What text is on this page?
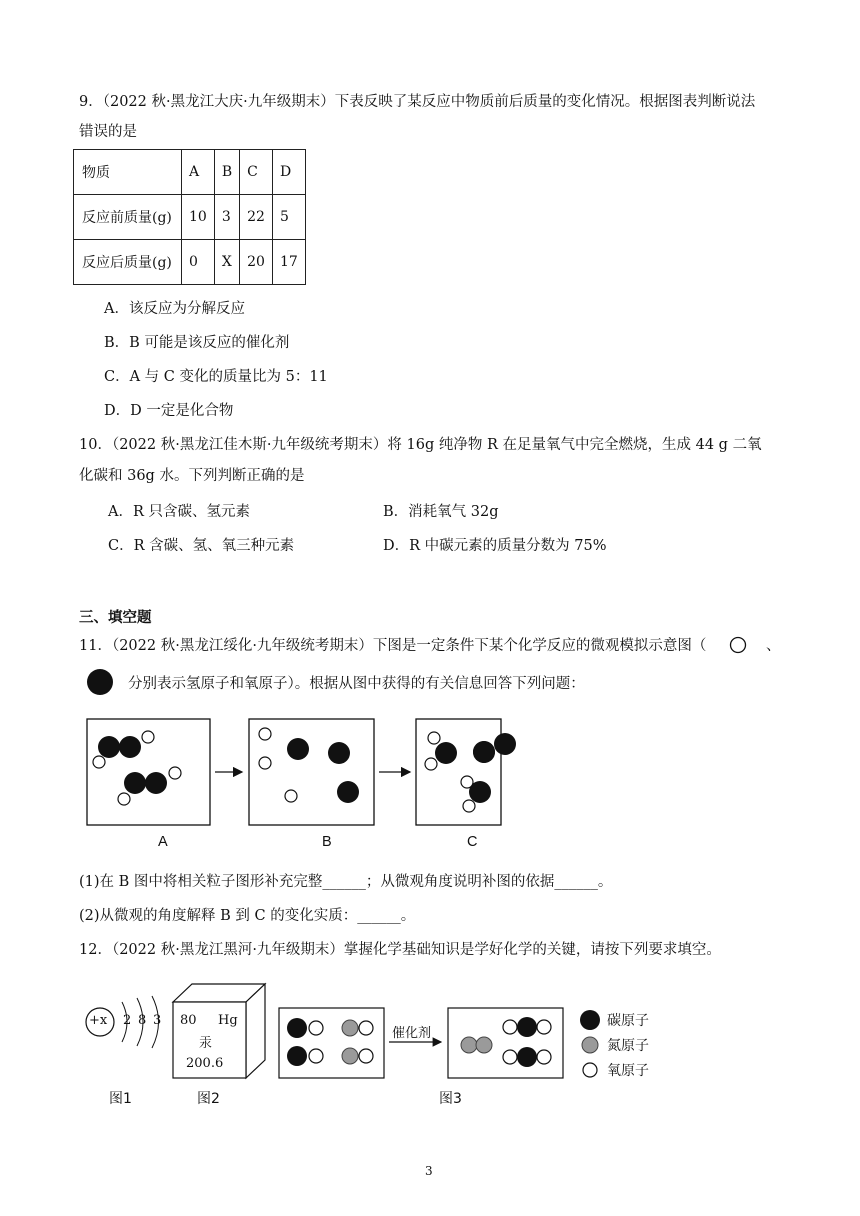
9．（2022 秋·黑龙江大庆·九年级期末）下表反映了某反应中物质前后质量的变化情况。根据图表判断说法
错误的是
物质	A	B	C	D
反应前质量(g)	10	3	22	5
反应后质量(g)	0	X	20	17
A．该反应为分解反应
B．B 可能是该反应的催化剂
C．A 与 C 变化的质量比为 5：11
D．D 一定是化合物
10．（2022 秋·黑龙江佳木斯·九年级统考期末）将 16g 纯净物 R 在足量氧气中完全燃烧，生成 44 g 二氧
化碳和 36g 水。下列判断正确的是
A．R 只含碳、氢元素	B．消耗氧气 32g
C．R 含碳、氢、氧三种元素	D．R 中碳元素的质量分数为 75%
三、填空题
11．（2022 秋·黑龙江绥化·九年级统考期末）下图是一定条件下某个化学反应的微观模拟示意图（	、
分别表示氢原子和氧原子）。根据从图中获得的有关信息回答下列问题：
A	B	C
(1)在 B 图中将相关粒子图形补充完整______；从微观角度说明补图的依据______。
(2)从微观的角度解释 B 到 C 的变化实质：______。
12．（2022 秋·黑龙江黑河·九年级期末）掌握化学基础知识是学好化学的关键，请按下列要求填空。
+x 2 8 3 80 Hg
汞
200.6
催化剂
碳原子
氮原子
氧原子
图1	图2	图3
3
